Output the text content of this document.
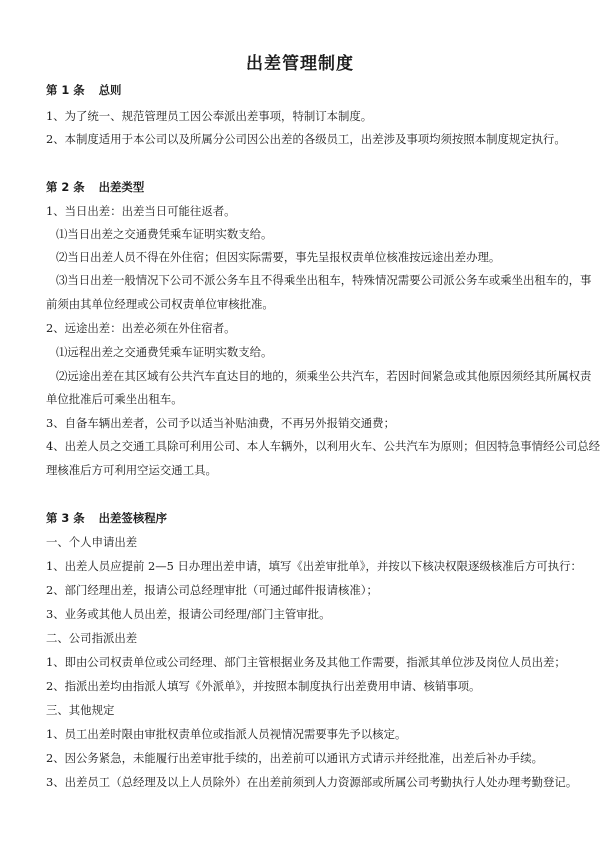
出差管理制度
第 1 条 总则
1、为了统一、规范管理员工因公奉派出差事项，特制订本制度。
2、本制度适用于本公司以及所属分公司因公出差的各级员工，出差涉及事项均须按照本制度规定执行。
第 2 条 出差类型
1、当日出差：出差当日可能往返者。
⑴当日出差之交通费凭乘车证明实数支给。
⑵当日出差人员不得在外住宿；但因实际需要，事先呈报权责单位核准按远途出差办理。
⑶当日出差一般情况下公司不派公务车且不得乘坐出租车，特殊情况需要公司派公务车或乘坐出租车的，事
前须由其单位经理或公司权责单位审核批准。
2、远途出差：出差必须在外住宿者。
⑴远程出差之交通费凭乘车证明实数支给。
⑵远途出差在其区域有公共汽车直达目的地的，须乘坐公共汽车，若因时间紧急或其他原因须经其所属权责
单位批准后可乘坐出租车。
3、自备车辆出差者，公司予以适当补贴油费，不再另外报销交通费；
4、出差人员之交通工具除可利用公司、本人车辆外，以利用火车、公共汽车为原则；但因特急事情经公司总经
理核准后方可利用空运交通工具。
第 3 条 出差签核程序
一、个人申请出差
1、出差人员应提前 2—5 日办理出差申请，填写《出差审批单》，并按以下核决权限逐级核准后方可执行：
2、部门经理出差，报请公司总经理审批（可通过邮件报请核准）；
3、业务或其他人员出差，报请公司经理/部门主管审批。
二、公司指派出差
1、即由公司权责单位或公司经理、部门主管根据业务及其他工作需要，指派其单位涉及岗位人员出差；
2、指派出差均由指派人填写《外派单》，并按照本制度执行出差费用申请、核销事项。
三、其他规定
1、员工出差时限由审批权责单位或指派人员视情况需要事先予以核定。
2、因公务紧急，未能履行出差审批手续的，出差前可以通讯方式请示并经批准，出差后补办手续。
3、出差员工（总经理及以上人员除外）在出差前须到人力资源部或所属公司考勤执行人处办理考勤登记。
